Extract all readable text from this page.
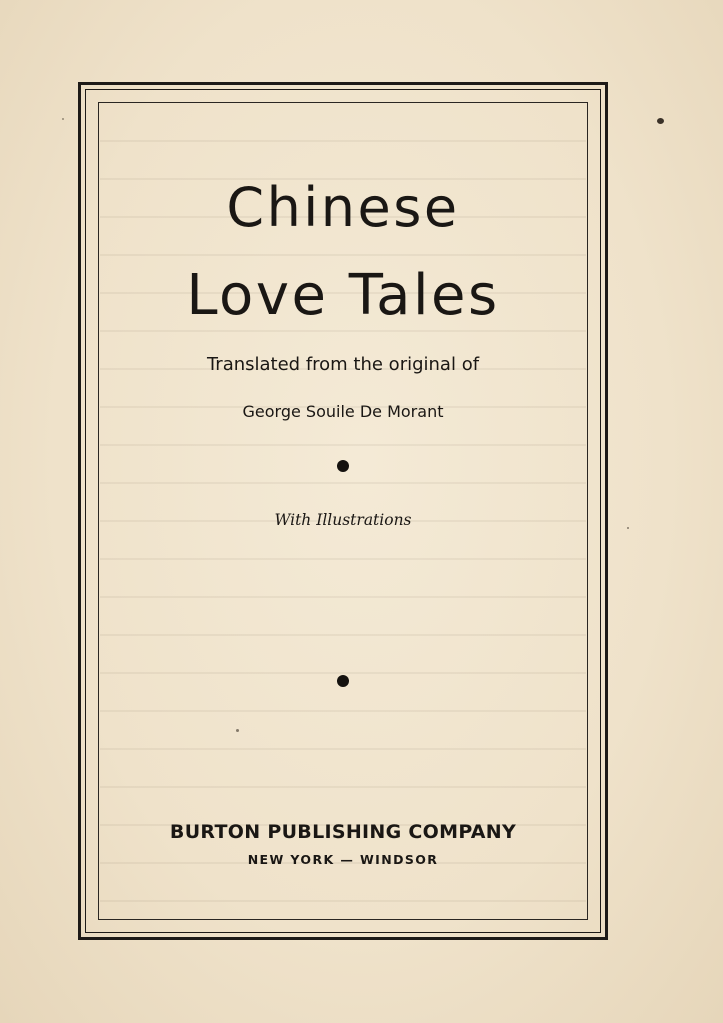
Chinese
Love Tales
Translated from the original of
George Souile De Morant
With Illustrations
BURTON PUBLISHING COMPANY
NEW YORK — WINDSOR
